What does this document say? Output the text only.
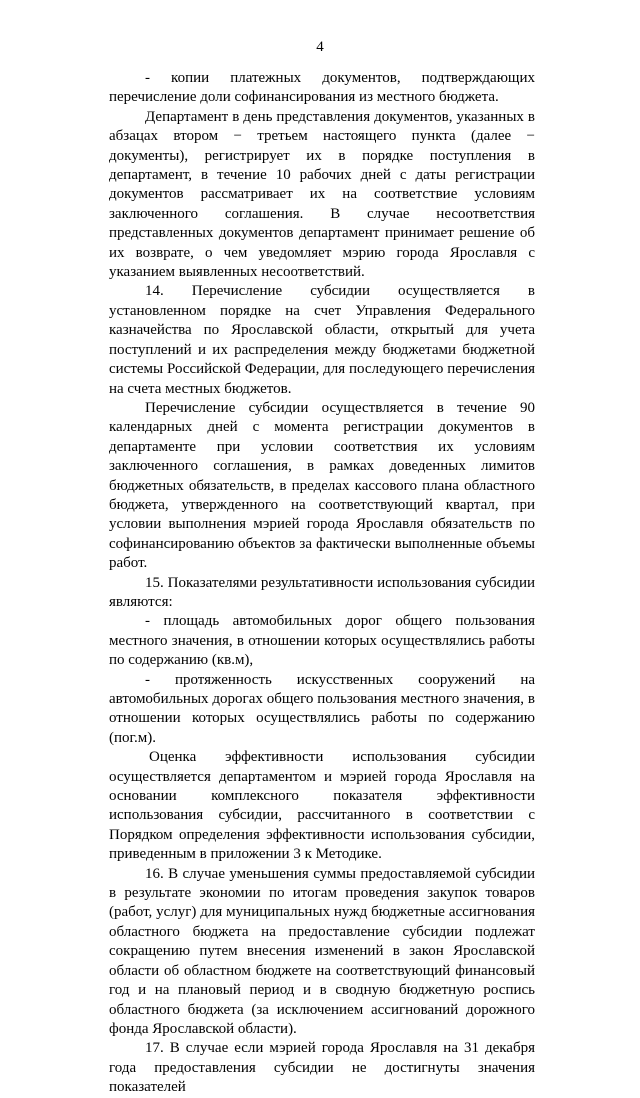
4

- копии платежных документов, подтверждающих перечисление доли софинансирования из местного бюджета.

Департамент в день представления документов, указанных в абзацах втором − третьем настоящего пункта (далее − документы), регистрирует их в порядке поступления в департамент, в течение 10 рабочих дней с даты регистрации документов рассматривает их на соответствие условиям заключенного соглашения. В случае несоответствия представленных документов департамент принимает решение об их возврате, о чем уведомляет мэрию города Ярославля с указанием выявленных несоответствий.

14. Перечисление субсидии осуществляется в установленном порядке на счет Управления Федерального казначейства по Ярославской области, открытый для учета поступлений и их распределения между бюджетами бюджетной системы Российской Федерации, для последующего перечисления на счета местных бюджетов.

Перечисление субсидии осуществляется в течение 90 календарных дней с момента регистрации документов в департаменте при условии соответствия их условиям заключенного соглашения, в рамках доведенных лимитов бюджетных обязательств, в пределах кассового плана областного бюджета, утвержденного на соответствующий квартал, при условии выполнения мэрией города Ярославля обязательств по софинансированию объектов за фактически выполненные объемы работ.

15. Показателями результативности использования субсидии являются:

- площадь автомобильных дорог общего пользования местного значения, в отношении которых осуществлялись работы по содержанию (кв.м),

- протяженность искусственных сооружений на автомобильных дорогах общего пользования местного значения, в отношении которых осуществлялись работы по содержанию (пог.м).

Оценка эффективности использования субсидии осуществляется департаментом и мэрией города Ярославля на основании комплексного показателя эффективности использования субсидии, рассчитанного в соответствии с Порядком определения эффективности использования субсидии, приведенным в приложении 3 к Методике.

16. В случае уменьшения суммы предоставляемой субсидии в результате экономии по итогам проведения закупок товаров (работ, услуг) для муниципальных нужд бюджетные ассигнования областного бюджета на предоставление субсидии подлежат сокращению путем внесения изменений в закон Ярославской области об областном бюджете на соответствующий финансовый год и на плановый период и в сводную бюджетную роспись областного бюджета (за исключением ассигнований дорожного фонда Ярославской области).

17. В случае если мэрией города Ярославля на 31 декабря года предоставления субсидии не достигнуты значения показателей
